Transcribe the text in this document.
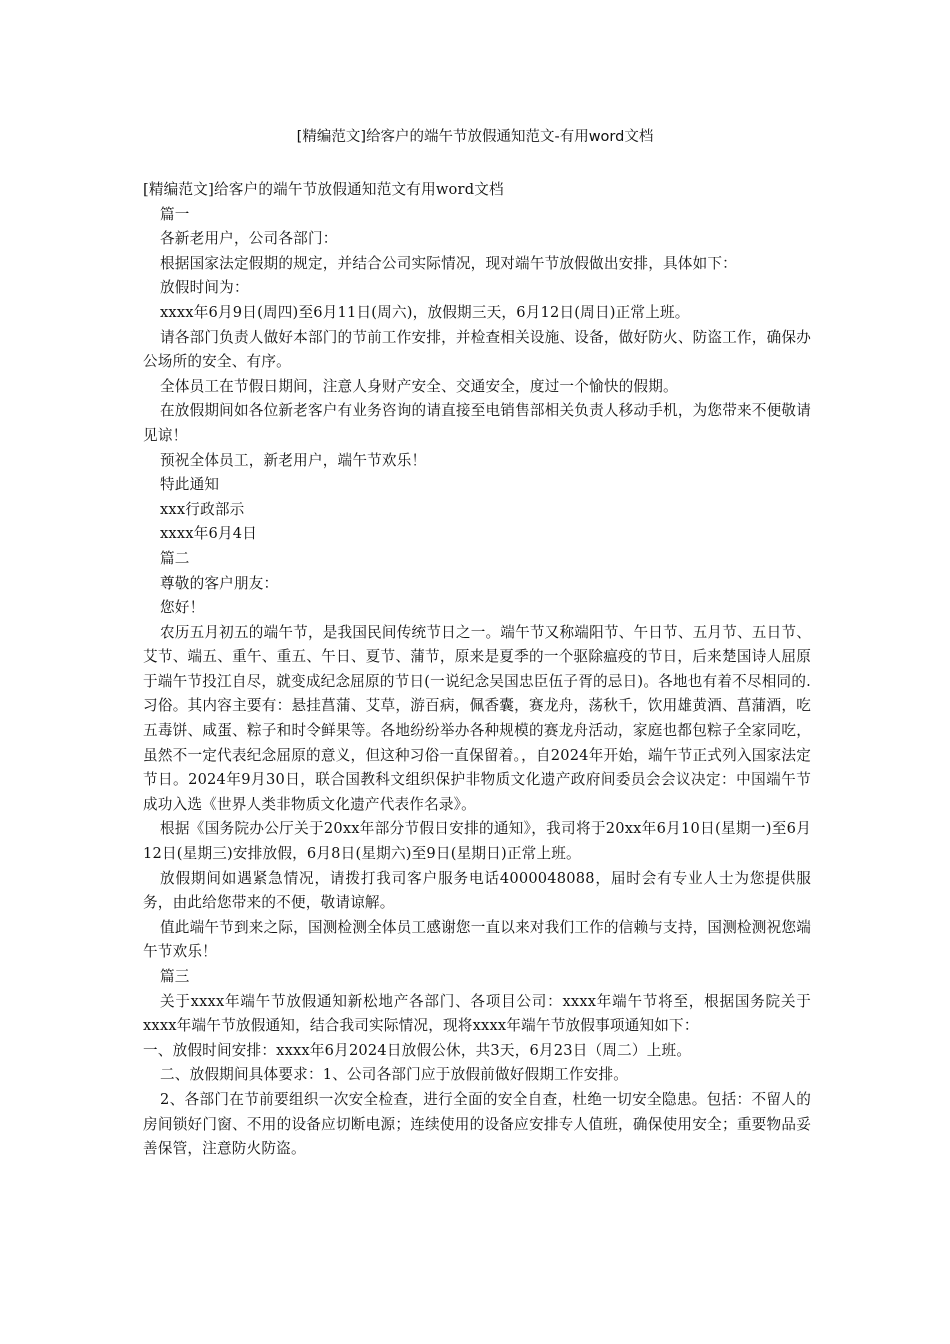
[精编范文]给客户的端午节放假通知范文-有用word文档

[精编范文]给客户的端午节放假通知范文有用word文档

篇一

各新老用户，公司各部门：

根据国家法定假期的规定，并结合公司实际情况，现对端午节放假做出安排，具体如下：

放假时间为：

xxxx年6月9日(周四)至6月11日(周六)，放假期三天，6月12日(周日)正常上班。

请各部门负责人做好本部门的节前工作安排，并检查相关设施、设备，做好防火、防盗工作，确保办公场所的安全、有序。

全体员工在节假日期间，注意人身财产安全、交通安全，度过一个愉快的假期。

在放假期间如各位新老客户有业务咨询的请直接至电销售部相关负责人移动手机，为您带来不便敬请见谅！

预祝全体员工，新老用户，端午节欢乐！

特此通知

xxx行政部示

xxxx年6月4日

篇二

尊敬的客户朋友：

您好！

农历五月初五的端午节，是我国民间传统节日之一。端午节又称端阳节、午日节、五月节、五日节、艾节、端五、重午、重五、午日、夏节、蒲节，原来是夏季的一个驱除瘟疫的节日，后来楚国诗人屈原于端午节投江自尽，就变成纪念屈原的节日(一说纪念吴国忠臣伍子胥的忌日)。各地也有着不尽相同的.习俗。其内容主要有：悬挂菖蒲、艾草，游百病，佩香囊，赛龙舟，荡秋千，饮用雄黄酒、菖蒲酒，吃五毒饼、咸蛋、粽子和时令鲜果等。各地纷纷举办各种规模的赛龙舟活动，家庭也都包粽子全家同吃，虽然不一定代表纪念屈原的意义，但这种习俗一直保留着。，自2024年开始，端午节正式列入国家法定节日。2024年9月30日，联合国教科文组织保护非物质文化遗产政府间委员会会议决定：中国端午节成功入选《世界人类非物质文化遗产代表作名录》。

根据《国务院办公厅关于20xx年部分节假日安排的通知》，我司将于20xx年6月10日(星期一)至6月12日(星期三)安排放假，6月8日(星期六)至9日(星期日)正常上班。

放假期间如遇紧急情况，请拨打我司客户服务电话4000048088，届时会有专业人士为您提供服务，由此给您带来的不便，敬请谅解。

值此端午节到来之际，国测检测全体员工感谢您一直以来对我们工作的信赖与支持，国测检测祝您端午节欢乐！

篇三

关于xxxx年端午节放假通知新松地产各部门、各项目公司：xxxx年端午节将至，根据国务院关于xxxx年端午节放假通知，结合我司实际情况，现将xxxx年端午节放假事项通知如下：

一、放假时间安排：xxxx年6月2024日放假公休，共3天，6月23日（周二）上班。

二、放假期间具体要求：1、公司各部门应于放假前做好假期工作安排。

2、各部门在节前要组织一次安全检查，进行全面的安全自查，杜绝一切安全隐患。包括：不留人的房间锁好门窗、不用的设备应切断电源；连续使用的设备应安排专人值班，确保使用安全；重要物品妥善保管，注意防火防盗。
